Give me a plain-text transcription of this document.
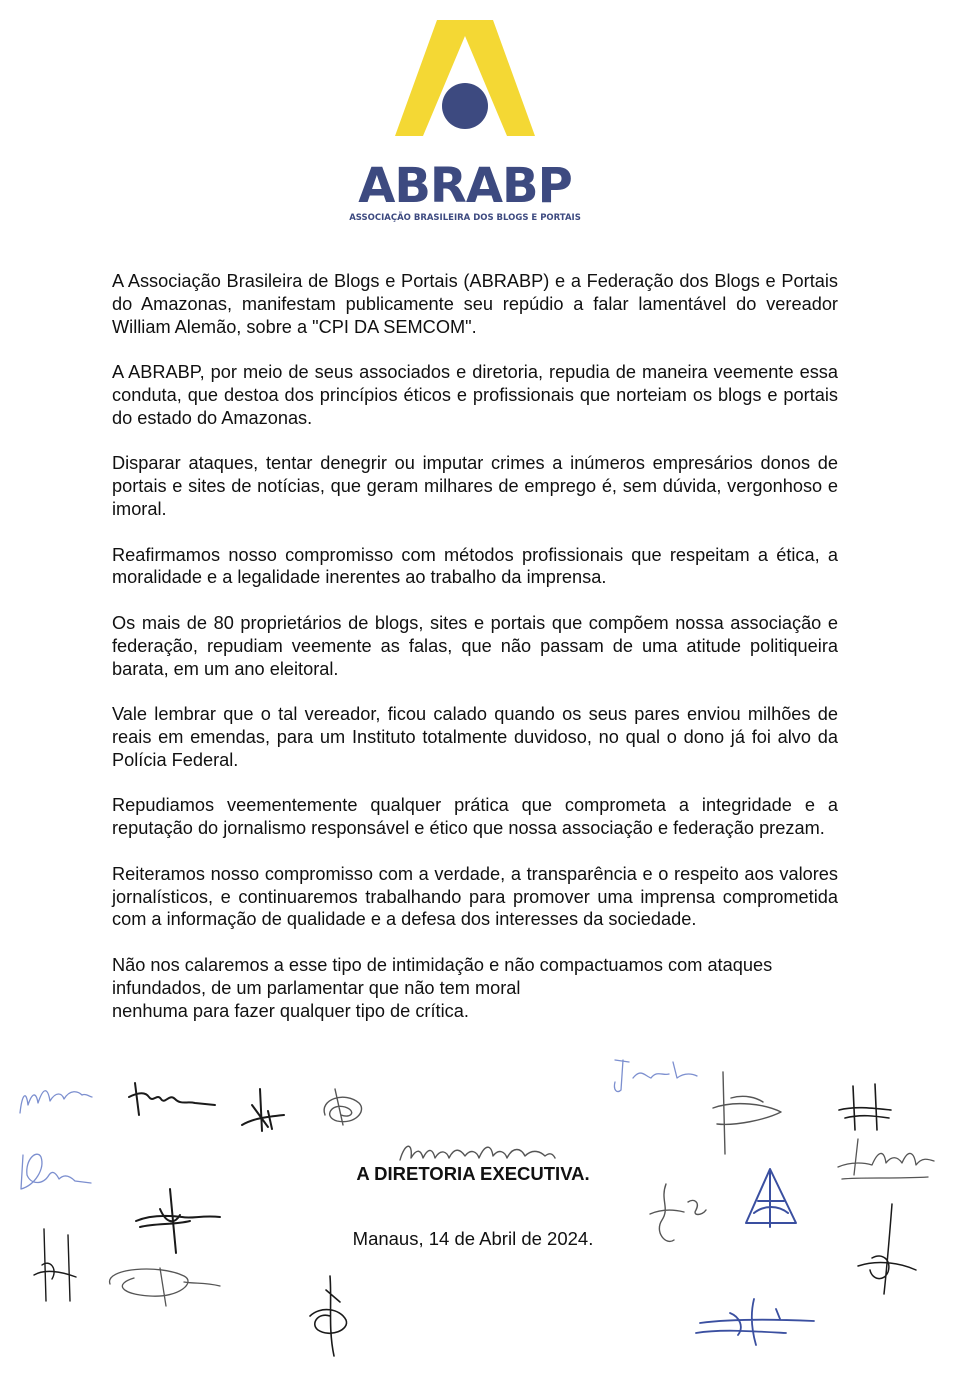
ABRABP
ASSOCIAÇÃO BRASILEIRA DOS BLOGS E PORTAIS

A Associação Brasileira de Blogs e Portais (ABRABP) e a Federação dos Blogs e Portais do Amazonas, manifestam publicamente seu repúdio a falar lamentável do vereador William Alemão, sobre a "CPI DA SEMCOM".

A ABRABP, por meio de seus associados e diretoria, repudia de maneira veemente essa conduta, que destoa dos princípios éticos e profissionais que norteiam os blogs e portais do estado do Amazonas.

Disparar ataques, tentar denegrir ou imputar crimes a inúmeros empresários donos de portais e sites de notícias, que geram milhares de emprego é, sem dúvida, vergonhoso e imoral.

Reafirmamos nosso compromisso com métodos profissionais que respeitam a ética, a moralidade e a legalidade inerentes ao trabalho da imprensa.

Os mais de 80 proprietários de blogs, sites e portais que compõem nossa associação e federação, repudiam veemente as falas, que não passam de uma atitude politiqueira barata, em um ano eleitoral.

Vale lembrar que o tal vereador, ficou calado quando os seus pares enviou milhões de reais em emendas, para um Instituto totalmente duvidoso, no qual o dono já foi alvo da Polícia Federal.

Repudiamos veementemente qualquer prática que comprometa a integridade e a reputação do jornalismo responsável e ético que nossa associação e federação prezam.

Reiteramos nosso compromisso com a verdade, a transparência e o respeito aos valores jornalísticos, e continuaremos trabalhando para promover uma imprensa comprometida com a informação de qualidade e a defesa dos interesses da sociedade.

Não nos calaremos a esse tipo de intimidação e não compactuamos com ataques
infundados, de um parlamentar que não tem moral
nenhuma para fazer qualquer tipo de crítica.

A DIRETORIA EXECUTIVA.
Manaus, 14 de Abril de 2024.
